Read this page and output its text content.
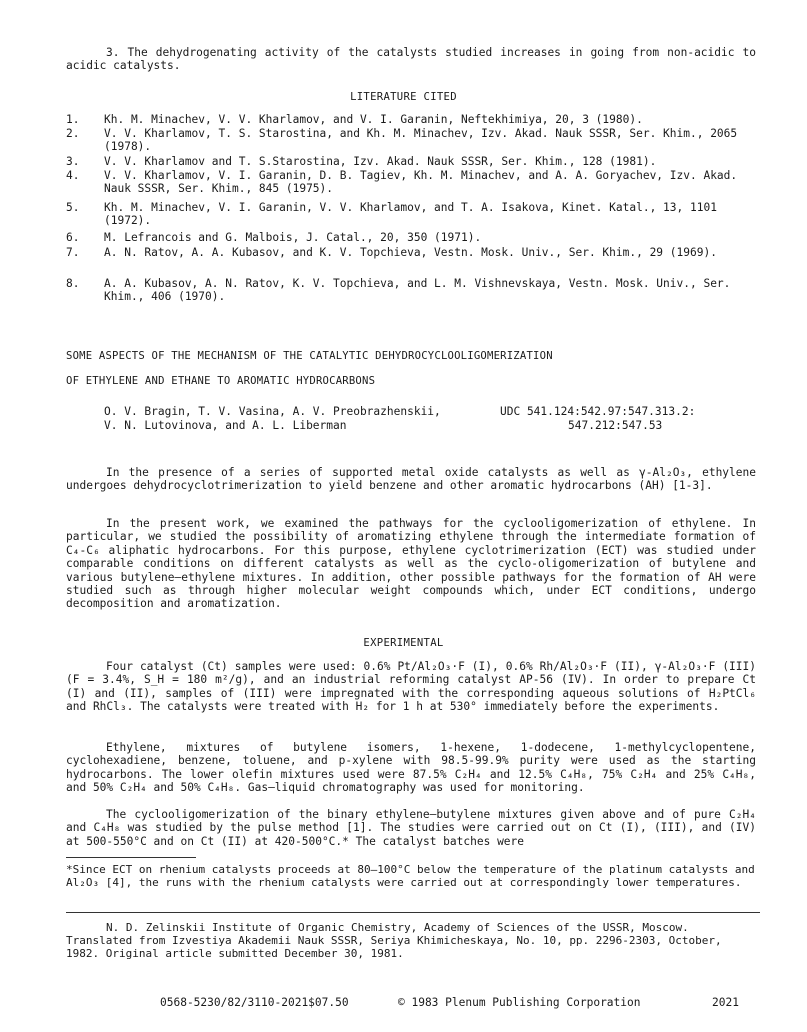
3. The dehydrogenating activity of the catalysts studied increases in going from non-acidic to acidic catalysts.

LITERATURE CITED
1.	Kh. M. Minachev, V. V. Kharlamov, and V. I. Garanin, Neftekhimiya, 20, 3 (1980).
2.	V. V. Kharlamov, T. S. Starostina, and Kh. M. Minachev, Izv. Akad. Nauk SSSR, Ser. Khim., 2065 (1978).
3.	V. V. Kharlamov and T. S.Starostina, Izv. Akad. Nauk SSSR, Ser. Khim., 128 (1981).
4.	V. V. Kharlamov, V. I. Garanin, D. B. Tagiev, Kh. M. Minachev, and A. A. Goryachev, Izv. Akad. Nauk SSSR, Ser. Khim., 845 (1975).
5.	Kh. M. Minachev, V. I. Garanin, V. V. Kharlamov, and T. A. Isakova, Kinet. Katal., 13, 1101 (1972).
6.	M. Lefrancois and G. Malbois, J. Catal., 20, 350 (1971).
7.	A. N. Ratov, A. A. Kubasov, and K. V. Topchieva, Vestn. Mosk. Univ., Ser. Khim., 29 (1969).
8.	A. A. Kubasov, A. N. Ratov, K. V. Topchieva, and L. M. Vishnevskaya, Vestn. Mosk. Univ., Ser. Khim., 406 (1970).
SOME ASPECTS OF THE MECHANISM OF THE CATALYTIC DEHYDROCYCLOOLIGOMERIZATION
OF ETHYLENE AND ETHANE TO AROMATIC HYDROCARBONS
O. V. Bragin, T. V. Vasina, A. V. Preobrazhenskii,
V. N. Lutovinova, and A. L. Liberman
UDC 541.124:542.97:547.313.2:
547.212:547.53

In the presence of a series of supported metal oxide catalysts as well as γ-Al₂O₃, ethylene undergoes dehydrocyclotrimerization to yield benzene and other aromatic hydrocarbons (AH) [1-3].

In the present work, we examined the pathways for the cyclooligomerization of ethylene. In particular, we studied the possibility of aromatizing ethylene through the intermediate formation of C₄-C₆ aliphatic hydrocarbons. For this purpose, ethylene cyclotrimerization (ECT) was studied under comparable conditions on different catalysts as well as the cyclo-oligomerization of butylene and various butylene—ethylene mixtures. In addition, other possible pathways for the formation of AH were studied such as through higher molecular weight compounds which, under ECT conditions, undergo decomposition and aromatization.

EXPERIMENTAL

Four catalyst (Ct) samples were used: 0.6% Pt/Al₂O₃·F (I), 0.6% Rh/Al₂O₃·F (II), γ-Al₂O₃·F (III) (F = 3.4%, S_H = 180 m²/g), and an industrial reforming catalyst AP-56 (IV). In order to prepare Ct (I) and (II), samples of (III) were impregnated with the corresponding aqueous solutions of H₂PtCl₆ and RhCl₃. The catalysts were treated with H₂ for 1 h at 530° immediately before the experiments.

Ethylene, mixtures of butylene isomers, 1-hexene, 1-dodecene, 1-methylcyclopentene, cyclohexadiene, benzene, toluene, and p-xylene with 98.5-99.9% purity were used as the starting hydrocarbons. The lower olefin mixtures used were 87.5% C₂H₄ and 12.5% C₄H₈, 75% C₂H₄ and 25% C₄H₈, and 50% C₂H₄ and 50% C₄H₈. Gas—liquid chromatography was used for monitoring.

The cyclooligomerization of the binary ethylene—butylene mixtures given above and of pure C₂H₄ and C₄H₈ was studied by the pulse method [1]. The studies were carried out on Ct (I), (III), and (IV) at 500-550°C and on Ct (II) at 420-500°C.* The catalyst batches were

*Since ECT on rhenium catalysts proceeds at 80—100°C below the temperature of the platinum catalysts and Al₂O₃ [4], the runs with the rhenium catalysts were carried out at correspondingly lower temperatures.

N. D. Zelinskii Institute of Organic Chemistry, Academy of Sciences of the USSR, Moscow. Translated from Izvestiya Akademii Nauk SSSR, Seriya Khimicheskaya, No. 10, pp. 2296-2303, October, 1982. Original article submitted December 30, 1981.

0568-5230/82/3110-2021$07.50	© 1983 Plenum Publishing Corporation	2021
